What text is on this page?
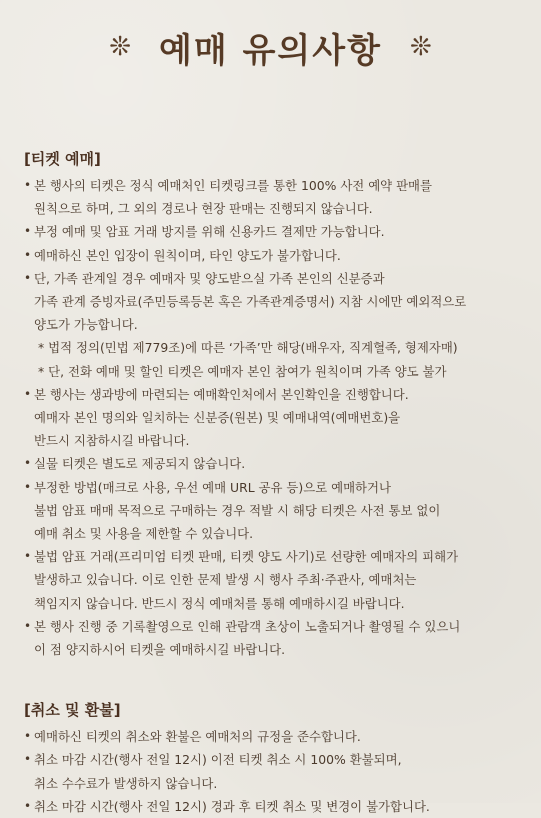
❊ 예매 유의사항 ❊
[티켓 예매]
• 본 행사의 티켓은 정식 예매처인 티켓링크를 통한 100% 사전 예약 판매를
원칙으로 하며, 그 외의 경로나 현장 판매는 진행되지 않습니다.
• 부정 예매 및 암표 거래 방지를 위해 신용카드 결제만 가능합니다.
• 예매하신 본인 입장이 원칙이며, 타인 양도가 불가합니다.
• 단, 가족 관계일 경우 예매자 및 양도받으실 가족 본인의 신분증과
가족 관계 증빙자료(주민등록등본 혹은 가족관계증명서) 지참 시에만 예외적으로
양도가 가능합니다.
* 법적 정의(민법 제779조)에 따른 ‘가족’만 해당(배우자, 직계혈족, 형제자매)
* 단, 전화 예매 및 할인 티켓은 예매자 본인 참여가 원칙이며 가족 양도 불가
• 본 행사는 생과방에 마련되는 예매확인처에서 본인확인을 진행합니다.
예매자 본인 명의와 일치하는 신분증(원본) 및 예매내역(예매번호)을
반드시 지참하시길 바랍니다.
• 실물 티켓은 별도로 제공되지 않습니다.
• 부정한 방법(매크로 사용, 우선 예매 URL 공유 등)으로 예매하거나
불법 암표 매매 목적으로 구매하는 경우 적발 시 해당 티켓은 사전 통보 없이
예매 취소 및 사용을 제한할 수 있습니다.
• 불법 암표 거래(프리미엄 티켓 판매, 티켓 양도 사기)로 선량한 예매자의 피해가
발생하고 있습니다. 이로 인한 문제 발생 시 행사 주최·주관사, 예매처는
책임지지 않습니다. 반드시 정식 예매처를 통해 예매하시길 바랍니다.
• 본 행사 진행 중 기록촬영으로 인해 관람객 초상이 노출되거나 촬영될 수 있으니
이 점 양지하시어 티켓을 예매하시길 바랍니다.
[취소 및 환불]
• 예매하신 티켓의 취소와 환불은 예매처의 규정을 준수합니다.
• 취소 마감 시간(행사 전일 12시) 이전 티켓 취소 시 100% 환불되며,
취소 수수료가 발생하지 않습니다.
• 취소 마감 시간(행사 전일 12시) 경과 후 티켓 취소 및 변경이 불가합니다.
